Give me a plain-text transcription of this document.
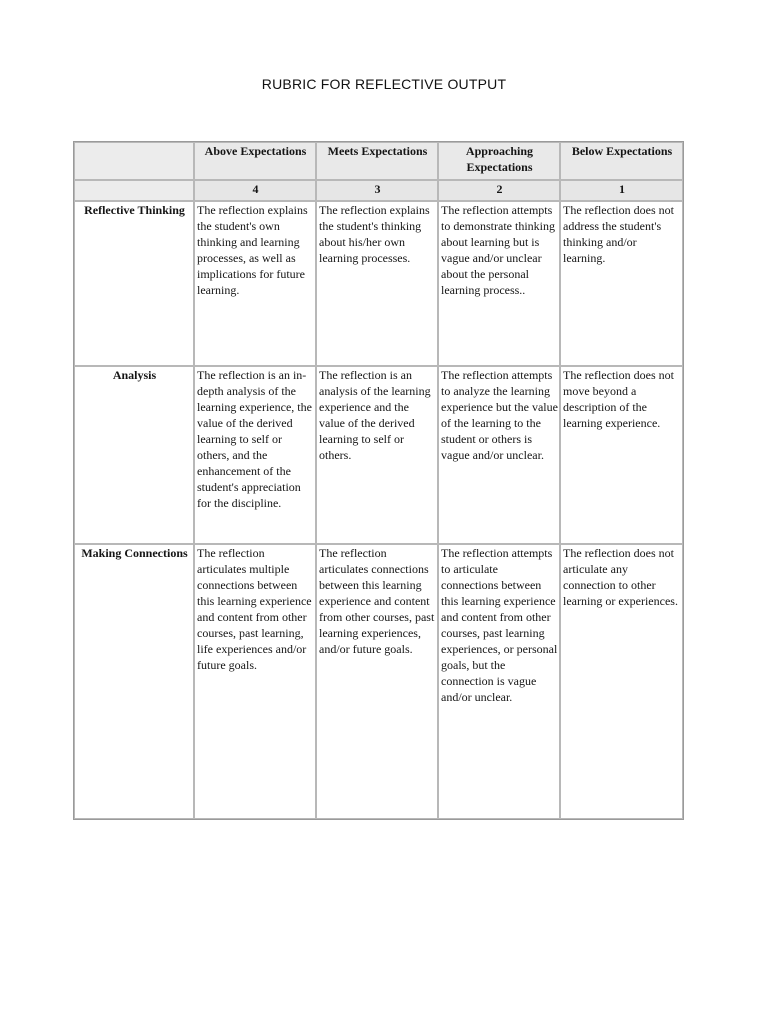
RUBRIC FOR REFLECTIVE OUTPUT
	Above Expectations	Meets Expectations	Approaching Expectations	Below Expectations
	4	3	2	1
Reflective Thinking	The reflection explains the student's own thinking and learning processes, as well as implications for future learning.	The reflection explains the student's thinking about his/her own learning processes.	The reflection attempts to demonstrate thinking about learning but is vague and/or unclear about the personal learning process..	The reflection does not address the student's thinking and/or learning.
Analysis	The reflection is an in-depth analysis of the learning experience, the value of the derived learning to self or others, and the enhancement of the student's appreciation for the discipline.	The reflection is an analysis of the learning experience and the value of the derived learning to self or others.	The reflection attempts to analyze the learning experience but the value of the learning to the student or others is vague and/or unclear.	The reflection does not move beyond a description of the learning experience.
Making Connections	The reflection articulates multiple connections between this learning experience and content from other courses, past learning, life experiences and/or future goals.	The reflection articulates connections between this learning experience and content from other courses, past learning experiences, and/or future goals.	The reflection attempts to articulate connections between this learning experience and content from other courses, past learning experiences, or personal goals, but the connection is vague and/or unclear.	The reflection does not articulate any connection to other learning or experiences.
